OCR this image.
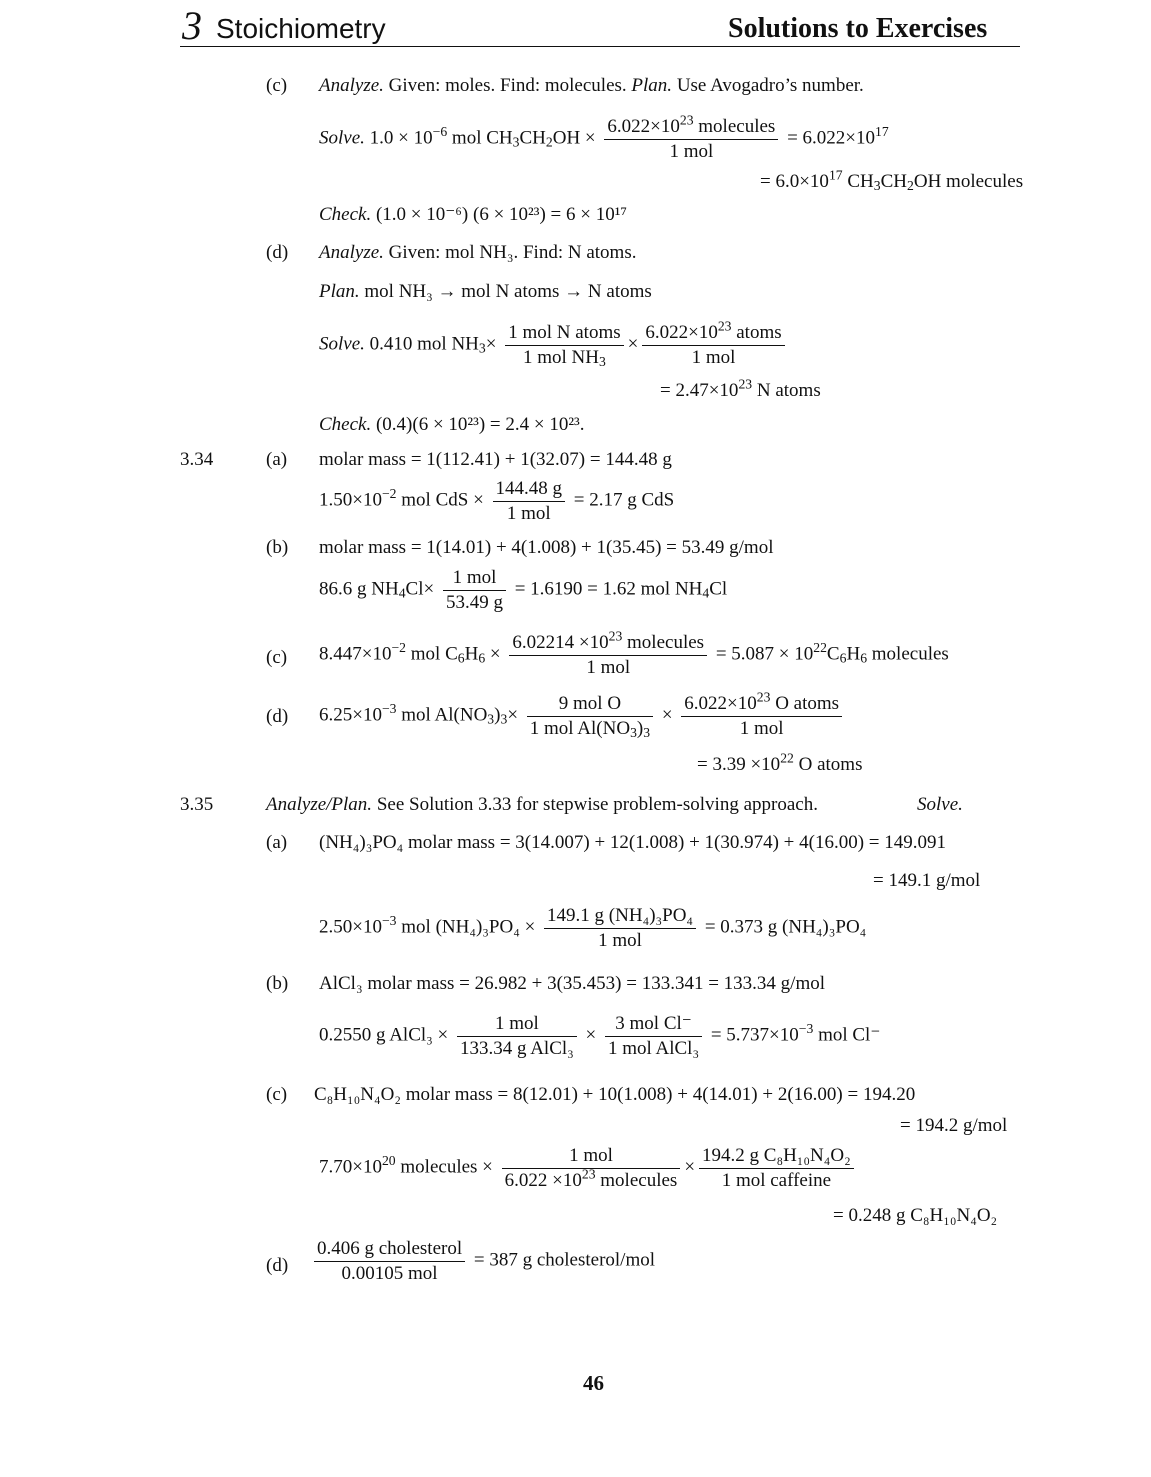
3 Stoichiometry	Solutions to Exercises
(c) Analyze. Given: moles. Find: molecules. Plan. Use Avogadro’s number.
Solve. $1.0 \times 10^{-6}$ mol $CH_3CH_2OH \times \frac{6.022\times 10^{23} molecules}{\text{1 mol}} = 6.022\times 10^{17}$
= $6.0\times 10^{17}$ $CH_3CH_2OH$ molecules
Check. (1.0 × 10⁻⁶) (6 × 10²³) = 6 × 10¹⁷
(d) Analyze. Given: mol NH₃. Find: N atoms.
Plan. mol NH₃ → mol N atoms → N atoms
Solve. 0.410 mol $NH_3\times \frac{\text{1 mol N atoms}}{1 mol NH_3} \times \frac{6.022\times 10^{23} atoms}{\text{1 mol}}$
= $2.47\times 10^{23}$ N atoms
Check. (0.4)(6 × 10²³) = 2.4 × 10²³.
3.34	(a) molar mass = 1(112.41) + 1(32.07) = 144.48 g
$1.50\times 10^{-2}$ mol CdS × $\frac{144.48 g}{\text{1 mol}} = 2.17$ g CdS
(b) molar mass = 1(14.01) + 4(1.008) + 1(35.45) = 53.49 g/mol
86.6 g $NH_4Cl\times \frac{\text{1 mol}}{53.49 g} = 1.6190 = 1.62$ mol $NH_4Cl$
(c) $8.447\times 10^{-2}$ mol $C_6H_6 \times \frac{6.02214 \times 10^{23} molecules}{\text{1 mol}} = 5.087 \times 10^{22}C_6H_6$ molecules
(d) $6.25\times 10^{-3}$ mol $Al(NO_3)_3\times \frac{\text{9 mol O}}{1 mol Al(NO_3)_3} \times \frac{6.022\times 10^{23} O atoms}{\text{1 mol}}$
= $3.39 \times 10^{22}$ O atoms
3.35	Analyze/Plan. See Solution 3.33 for stepwise problem-solving approach.	Solve.
(a) (NH₄)₃PO₄ molar mass = 3(14.007) + 12(1.008) + 1(30.974) + 4(16.00) = 149.091
= 149.1 g/mol
$2.50\times 10^{-3}$ mol $(NH_4)_3PO_4 \times \frac{\text{149.1 g (NH₄)₃PO₄}}{\text{1 mol}} = 0.373$ g (NH₄)₃PO₄
(b) AlCl₃ molar mass = 26.982 + 3(35.453) = 133.341 = 133.34 g/mol
0.2550 g AlCl₃ × $\frac{\text{1 mol}}{\text{133.34 g AlCl₃}} \times \frac{\text{3 mol Cl⁻}}{\text{1 mol AlCl₃}} = 5.737\times 10^{-3}$ mol Cl⁻
(c) C₈H₁₀N₄O₂ molar mass = 8(12.01) + 10(1.008) + 4(14.01) + 2(16.00) = 194.20
= 194.2 g/mol
$7.70\times 10^{20}$ molecules × $\frac{\text{1 mol}}{6.022 \times 10^{23} molecules} \times \frac{\text{194.2 g C₈H₁₀N₄O₂}}{\text{1 mol caffeine}}$
= 0.248 g C₈H₁₀N₄O₂
$(d) \frac{\text{0.406 g cholesterol}}{\text{0.00105 mol}} = 387$ g cholesterol/mol
46
